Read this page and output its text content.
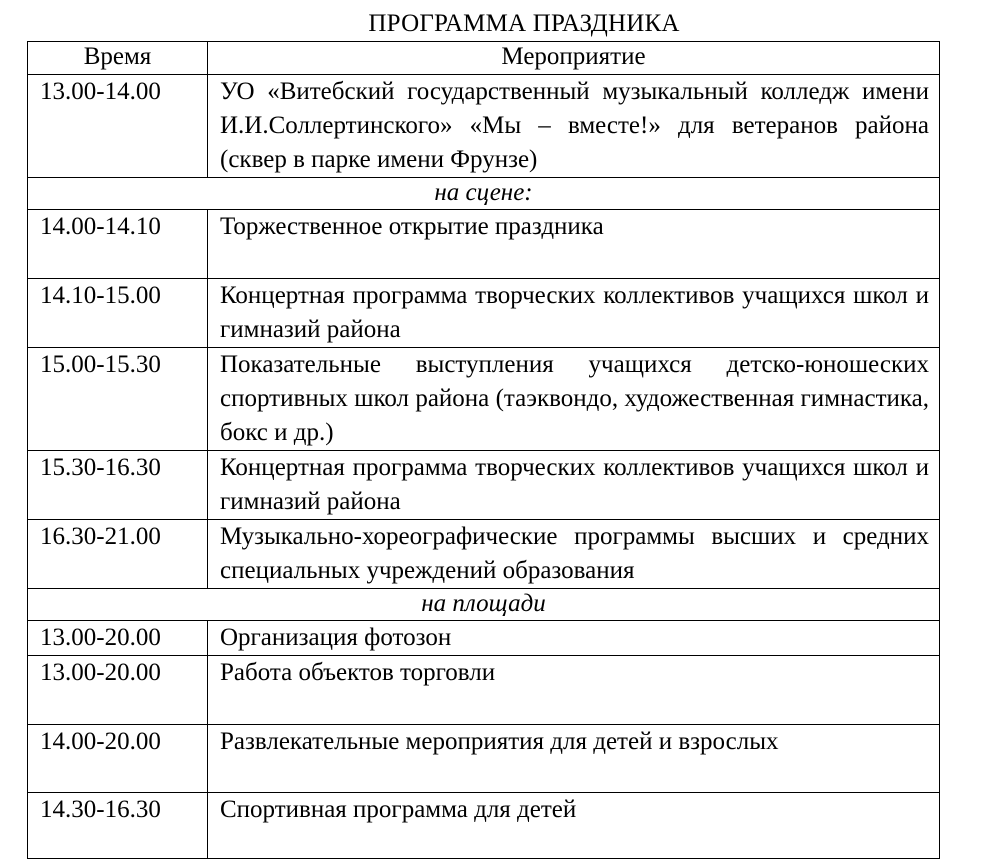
ПРОГРАММА ПРАЗДНИКА
Время	Мероприятие
13.00-14.00	УО «Витебский государственный музыкальный колледж имени И.И.Соллертинского» «Мы – вместе!» для ветеранов района (сквер в парке имени Фрунзе)
на сцене:	
14.00-14.10	Торжественное открытие праздника
14.10-15.00	Концертная программа творческих коллективов учащихся школ и гимназий района
15.00-15.30	Показательные выступления учащихся детско-юношеских спортивных школ района (таэквондо, художественная гимнастика, бокс и др.)
15.30-16.30	Концертная программа творческих коллективов учащихся школ и гимназий района
16.30-21.00	Музыкально-хореографические программы высших и средних специальных учреждений образования
на площади	
13.00-20.00	Организация фотозон
13.00-20.00	Работа объектов торговли
14.00-20.00	Развлекательные мероприятия для детей и взрослых
14.30-16.30	Спортивная программа для детей
